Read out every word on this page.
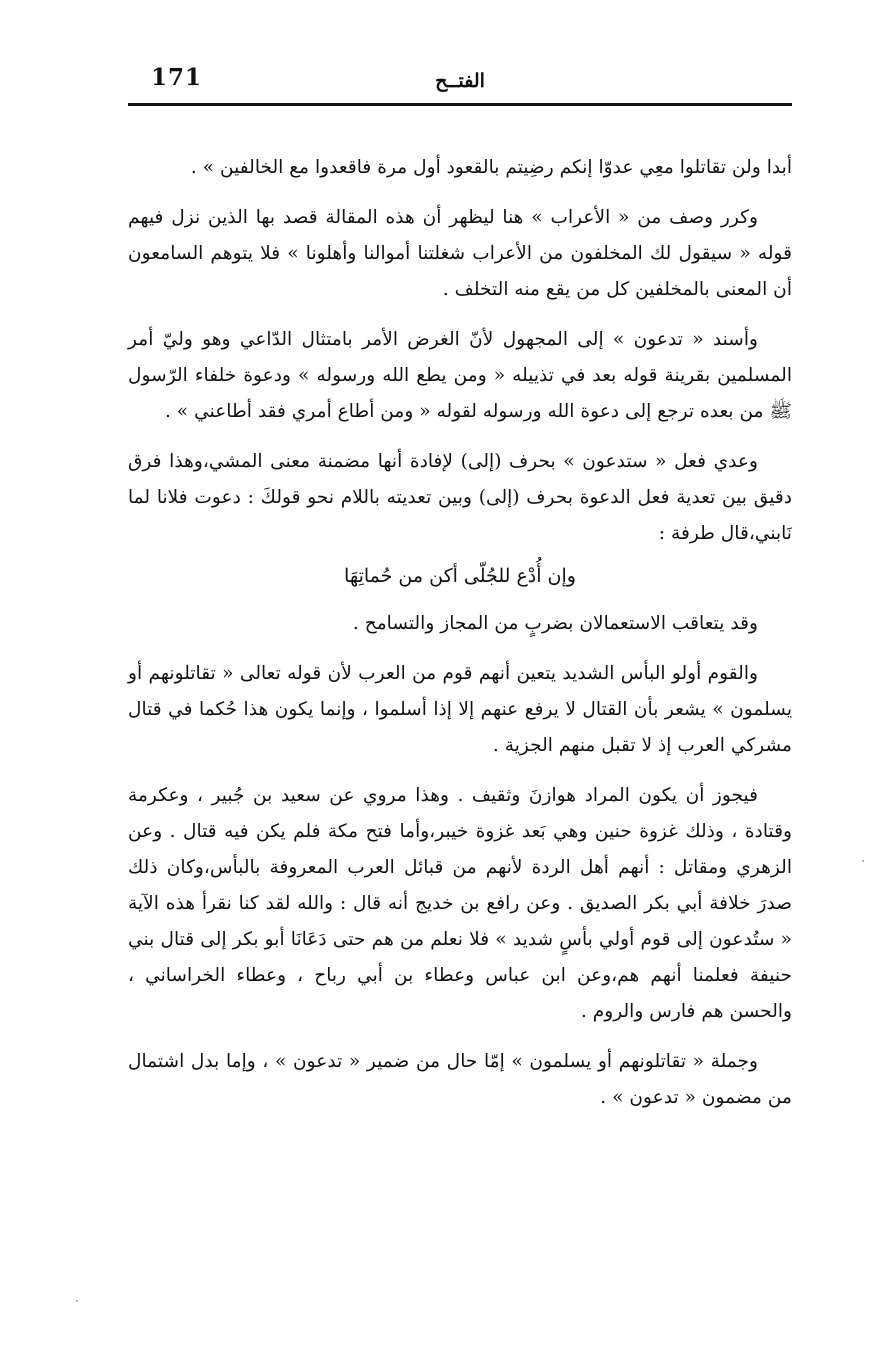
الفتــح
171

أبدا ولن تقاتلوا معِي عدوّا إنكم رضِيتم بالقعود أول مرة فاقعدوا مع الخالفين » .

وكرر وصف من « الأعراب » هنا ليظهر أن هذه المقالة قصد بها الذين نزل فيهم قوله « سيقول لك المخلفون من الأعراب شغلتنا أموالنا وأهلونا » فلا يتوهم السامعون أن المعنى بالمخلفين كل من يقع منه التخلف .

وأسند « تدعون » إلى المجهول لأنّ الغرض الأمر بامتثال الدّاعي وهو وليّ أمر المسلمين بقرينة قوله بعد في تذييله « ومن يطع الله ورسوله » ودعوة خلفاء الرّسول ﷺ من بعده ترجع إلى دعوة الله ورسوله لقوله « ومن أطاع أمري فقد أطاعني » .

وعدي فعل « ستدعون » بحرف (إلى) لإفادة أنها مضمنة معنى المشي،وهذا فرق دقيق بين تعدية فعل الدعوة بحرف (إلى) وبين تعديته باللام نحو قولكَ : دعوت فلانا لما نَابني،قال طرفة :

وإن أُدْع للجُلّى أكن من حُماتِهَا

وقد يتعاقب الاستعمالان بضربٍ من المجاز والتسامح .

والقوم أولو البأس الشديد يتعين أنهم قوم من العرب لأن قوله تعالى « تقاتلونهم أو يسلمون » يشعر بأن القتال لا يرفع عنهم إلا إذا أسلموا ، وإنما يكون هذا حُكما في قتال مشركي العرب إذ لا تقبل منهم الجزية .

فيجوز أن يكون المراد هوازنَ وثقيف . وهذا مروي عن سعيد بن جُبير ، وعكرمة وقتادة ، وذلك غزوة حنين وهي بَعد غزوة خيبر،وأما فتح مكة فلم يكن فيه قتال . وعن الزهري ومقاتل : أنهم أهل الردة لأنهم من قبائل العرب المعروفة بالبأس،وكان ذلك صدرَ خلافة أبي بكر الصديق . وعن رافع بن خديج أنه قال : والله لقد كنا نقرأ هذه الآية « ستُدعون إلى قوم أولي بأسٍ شديد » فلا نعلم من هم حتى دَعَانَا أبو بكر إلى قتال بني حنيفة فعلمنا أنهم هم،وعن ابن عباس وعطاء بن أبي رباح ، وعطاء الخراساني ، والحسن هم فارس والروم .

وجملة « تقاتلونهم أو يسلمون » إمّا حال من ضمير « تدعون » ، وإما بدل اشتمال من مضمون « تدعون » .
